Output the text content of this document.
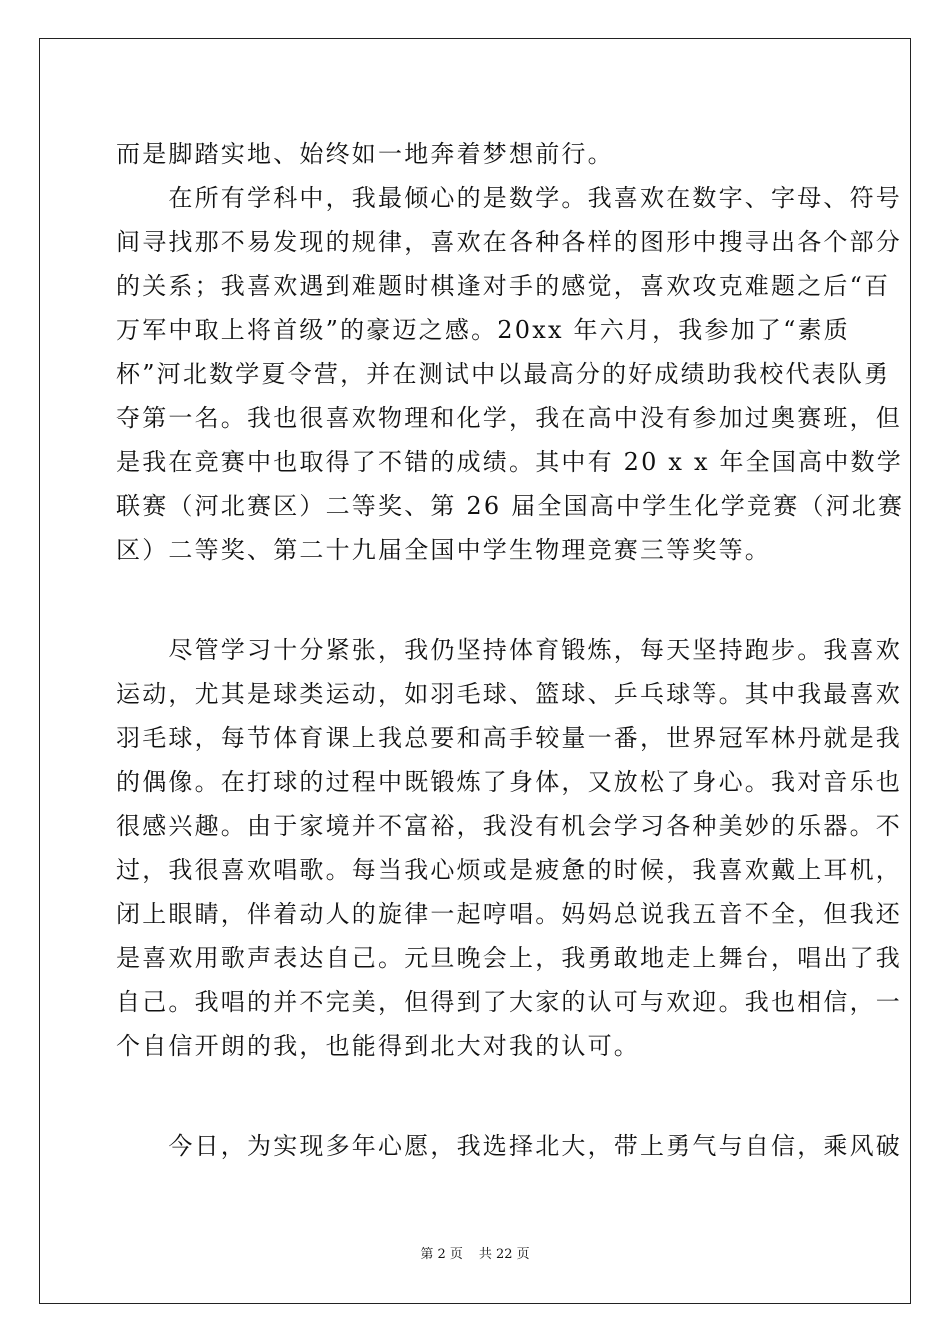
而是脚踏实地、始终如一地奔着梦想前行。
　　在所有学科中，我最倾心的是数学。我喜欢在数字、字母、符号
间寻找那不易发现的规律，喜欢在各种各样的图形中搜寻出各个部分
的关系；我喜欢遇到难题时棋逢对手的感觉，喜欢攻克难题之后“百
万军中取上将首级”的豪迈之感。20xx 年六月，我参加了“素质
杯”河北数学夏令营，并在测试中以最高分的好成绩助我校代表队勇
夺第一名。我也很喜欢物理和化学，我在高中没有参加过奥赛班，但
是我在竞赛中也取得了不错的成绩。其中有 20 x x 年全国高中数学
联赛（河北赛区）二等奖、第 26 届全国高中学生化学竞赛（河北赛
区）二等奖、第二十九届全国中学生物理竞赛三等奖等。
　　尽管学习十分紧张，我仍坚持体育锻炼，每天坚持跑步。我喜欢
运动，尤其是球类运动，如羽毛球、篮球、乒乓球等。其中我最喜欢
羽毛球，每节体育课上我总要和高手较量一番，世界冠军林丹就是我
的偶像。在打球的过程中既锻炼了身体，又放松了身心。我对音乐也
很感兴趣。由于家境并不富裕，我没有机会学习各种美妙的乐器。不
过，我很喜欢唱歌。每当我心烦或是疲惫的时候，我喜欢戴上耳机，
闭上眼睛，伴着动人的旋律一起哼唱。妈妈总说我五音不全，但我还
是喜欢用歌声表达自己。元旦晚会上，我勇敢地走上舞台，唱出了我
自己。我唱的并不完美，但得到了大家的认可与欢迎。我也相信，一
个自信开朗的我，也能得到北大对我的认可。
　　今日，为实现多年心愿，我选择北大，带上勇气与自信，乘风破
第 2 页 共 22 页
